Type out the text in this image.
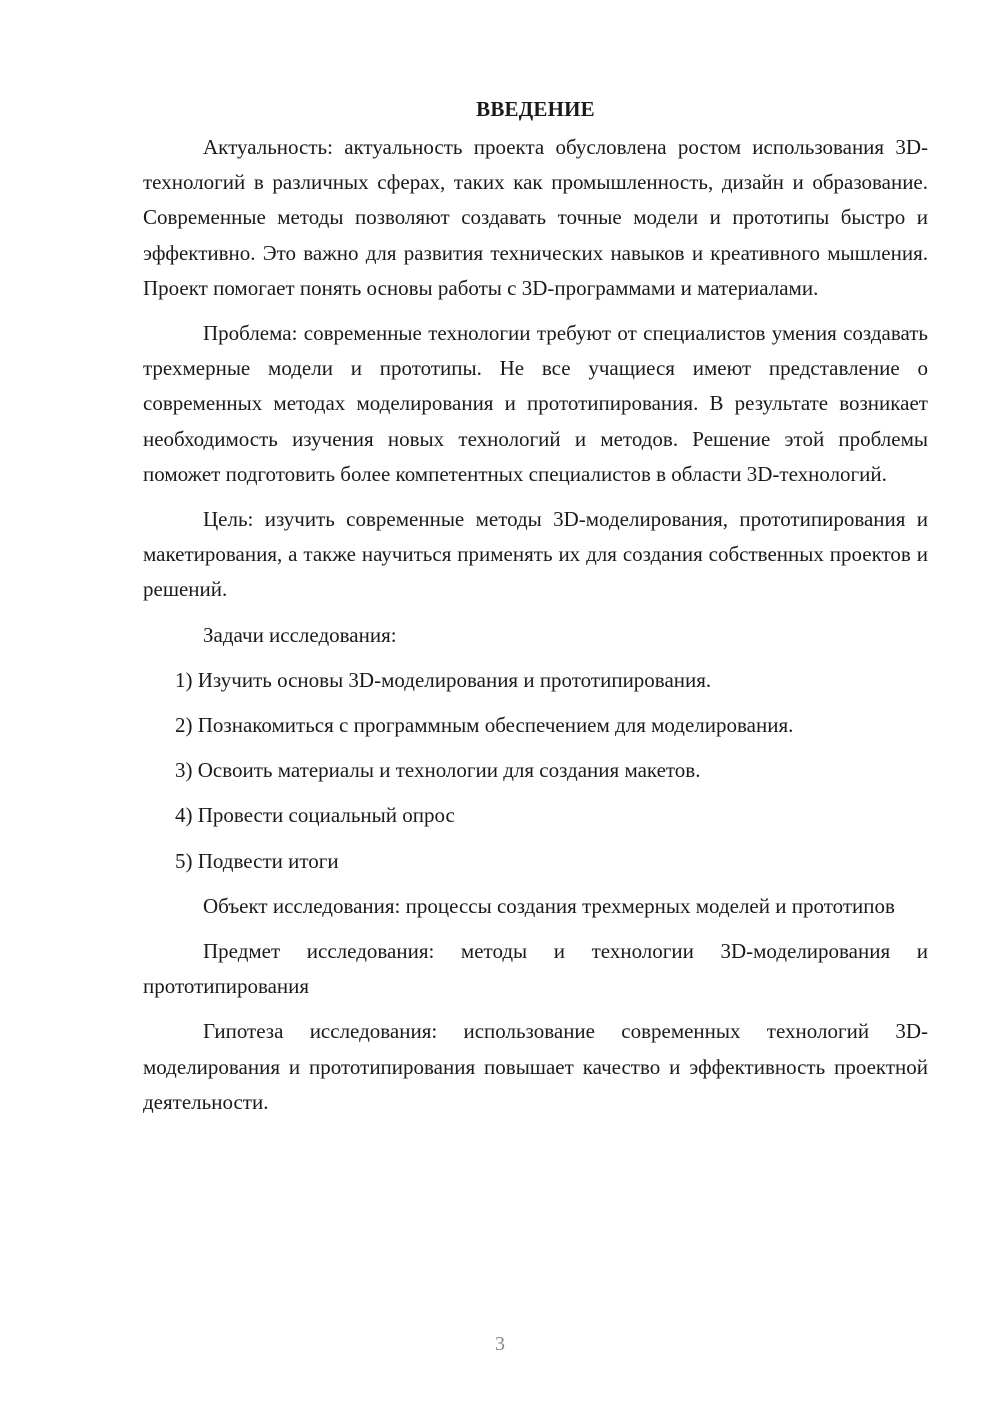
ВВЕДЕНИЕ

Актуальность: актуальность проекта обусловлена ростом использования 3D-технологий в различных сферах, таких как промышленность, дизайн и образование. Современные методы позволяют создавать точные модели и прототипы быстро и эффективно. Это важно для развития технических навыков и креативного мышления. Проект помогает понять основы работы с 3D-программами и материалами.

Проблема: современные технологии требуют от специалистов умения создавать трехмерные модели и прототипы. Не все учащиеся имеют представление о современных методах моделирования и прототипирования. В результате возникает необходимость изучения новых технологий и методов. Решение этой проблемы поможет подготовить более компетентных специалистов в области 3D-технологий.

Цель: изучить современные методы 3D-моделирования, прототипирования и макетирования, а также научиться применять их для создания собственных проектов и решений.

Задачи исследования:
1) Изучить основы 3D-моделирования и прототипирования.
2) Познакомиться с программным обеспечением для моделирования.
3) Освоить материалы и технологии для создания макетов.
4) Провести социальный опрос
5) Подвести итоги

Объект исследования: процессы создания трехмерных моделей и прототипов

Предмет исследования: методы и технологии 3D-моделирования и прототипирования

Гипотеза исследования: использование современных технологий 3D-моделирования и прототипирования повышает качество и эффективность проектной деятельности.

3
